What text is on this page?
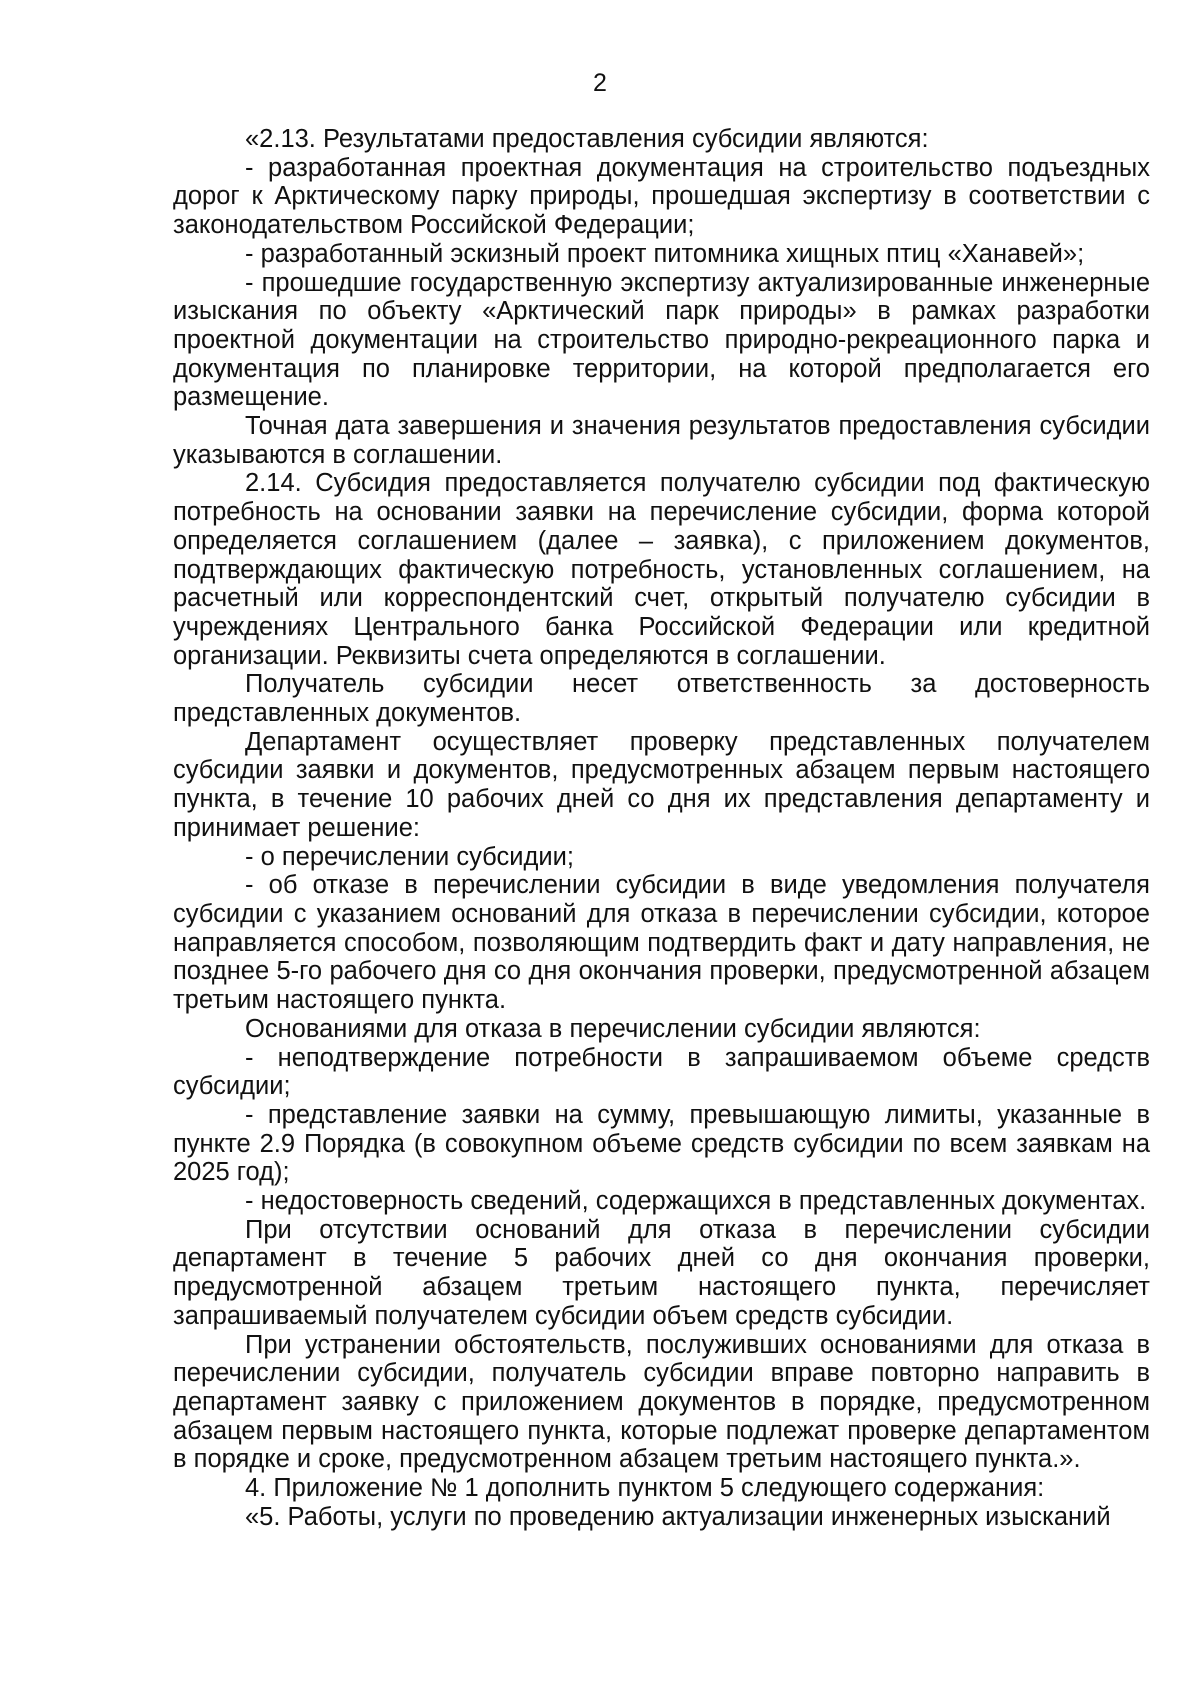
2

«2.13. Результатами предоставления субсидии являются:

- разработанная проектная документация на строительство подъездных дорог к Арктическому парку природы, прошедшая экспертизу в соответствии с законодательством Российской Федерации;

- разработанный эскизный проект питомника хищных птиц «Ханавей»;

- прошедшие государственную экспертизу актуализированные инженерные изыскания по объекту «Арктический парк природы» в рамках разработки проектной документации на строительство природно-рекреационного парка и документация по планировке территории, на которой предполагается его размещение.

Точная дата завершения и значения результатов предоставления субсидии указываются в соглашении.

2.14. Субсидия предоставляется получателю субсидии под фактическую потребность на основании заявки на перечисление субсидии, форма которой определяется соглашением (далее – заявка), с приложением документов, подтверждающих фактическую потребность, установленных соглашением, на расчетный или корреспондентский счет, открытый получателю субсидии в учреждениях Центрального банка Российской Федерации или кредитной организации. Реквизиты счета определяются в соглашении.

Получатель субсидии несет ответственность за достоверность представленных документов.

Департамент осуществляет проверку представленных получателем субсидии заявки и документов, предусмотренных абзацем первым настоящего пункта, в течение 10 рабочих дней со дня их представления департаменту и принимает решение:

- о перечислении субсидии;

- об отказе в перечислении субсидии в виде уведомления получателя субсидии с указанием оснований для отказа в перечислении субсидии, которое направляется способом, позволяющим подтвердить факт и дату направления, не позднее 5-го рабочего дня со дня окончания проверки, предусмотренной абзацем третьим настоящего пункта.

Основаниями для отказа в перечислении субсидии являются:

- неподтверждение потребности в запрашиваемом объеме средств субсидии;

- представление заявки на сумму, превышающую лимиты, указанные в пункте 2.9 Порядка (в совокупном объеме средств субсидии по всем заявкам на 2025 год);

- недостоверность сведений, содержащихся в представленных документах.

При отсутствии оснований для отказа в перечислении субсидии департамент в течение 5 рабочих дней со дня окончания проверки, предусмотренной абзацем третьим настоящего пункта, перечисляет запрашиваемый получателем субсидии объем средств субсидии.

При устранении обстоятельств, послуживших основаниями для отказа в перечислении субсидии, получатель субсидии вправе повторно направить в департамент заявку с приложением документов в порядке, предусмотренном абзацем первым настоящего пункта, которые подлежат проверке департаментом в порядке и сроке, предусмотренном абзацем третьим настоящего пункта.».

4. Приложение № 1 дополнить пунктом 5 следующего содержания:

«5. Работы, услуги по проведению актуализации инженерных изысканий
